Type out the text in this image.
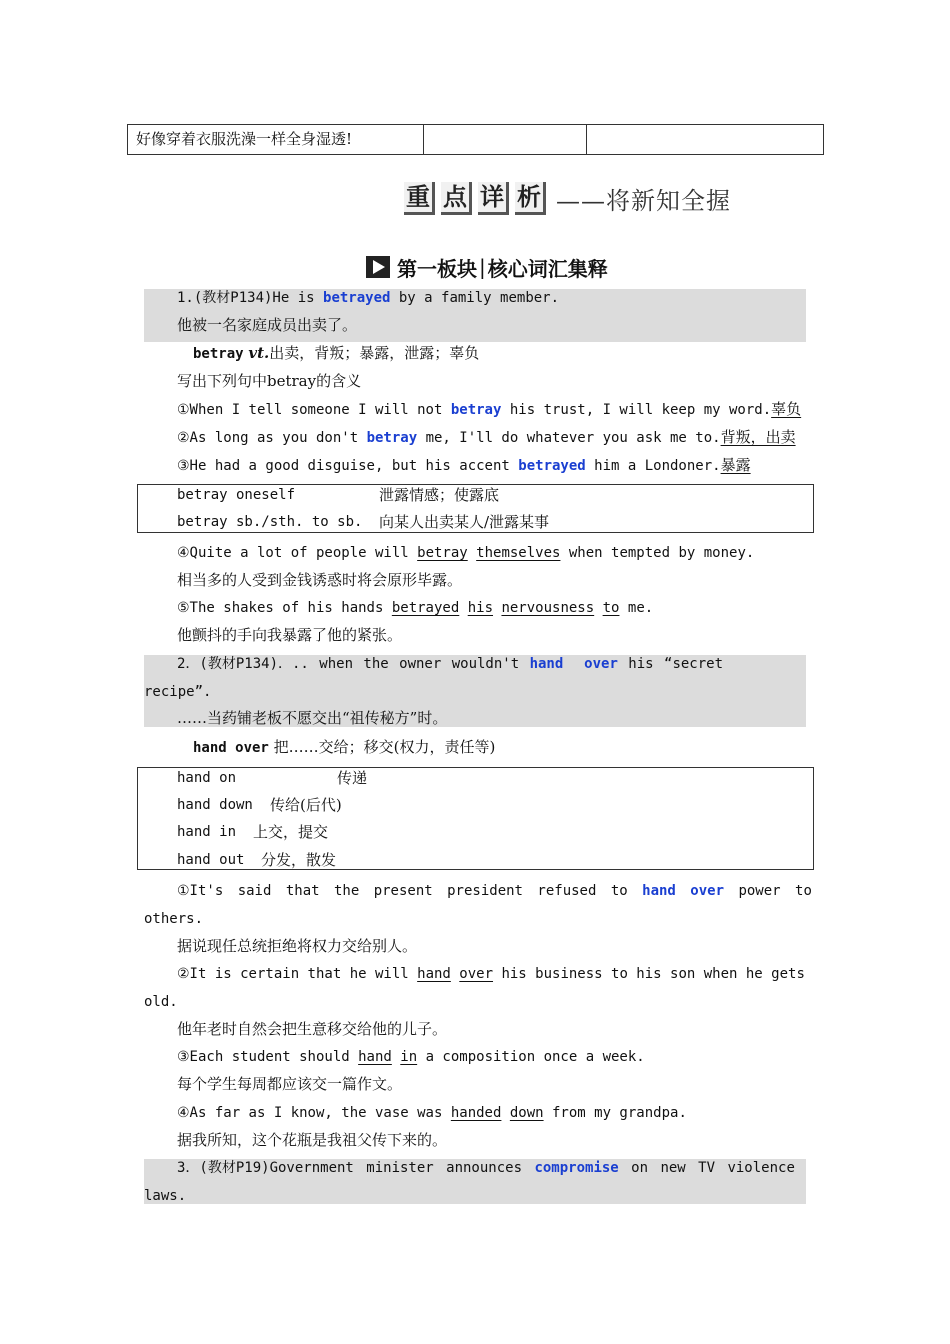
好像穿着衣服洗澡一样全身湿透!
重 点 详 析 ——将新知全握
第一板块 | 核心词汇集释
1.(教材P134)He is betrayed by a family member.
他被一名家庭成员出卖了。
betray vt.出卖，背叛；暴露，泄露；辜负
写出下列句中betray的含义
①When I tell someone I will not betray his trust, I will keep my word.辜负
②As long as you don't betray me, I'll do whatever you ask me to.背叛，出卖
③He had a good disguise, but his accent betrayed him a Londoner.暴露
betray oneself	泄露情感；使露底
betray sb./sth. to sb. 向某人出卖某人/泄露某事
④Quite a lot of people will betray themselves when tempted by money.
相当多的人受到金钱诱惑时将会原形毕露。
⑤The shakes of his hands betrayed his nervousness to me.
他颤抖的手向我暴露了他的紧张。
2．(教材P134)．.. when the owner wouldn't hand over his “secret
recipe”.
……当药铺老板不愿交出“祖传秘方”时。
hand over 把……交给；移交(权力，责任等)
hand on	传递
hand down 传给(后代)
hand in 上交，提交
hand out 分发，散发
①It's said that the present president refused to hand over power to
others.
据说现任总统拒绝将权力交给别人。
②It is certain that he will hand over his business to his son when he gets
old.
他年老时自然会把生意移交给他的儿子。
③Each student should hand in a composition once a week.
每个学生每周都应该交一篇作文。
④As far as I know, the vase was handed down from my grandpa.
据我所知，这个花瓶是我祖父传下来的。
3．(教材P19)Government minister announces compromise on new TV violence
laws.
